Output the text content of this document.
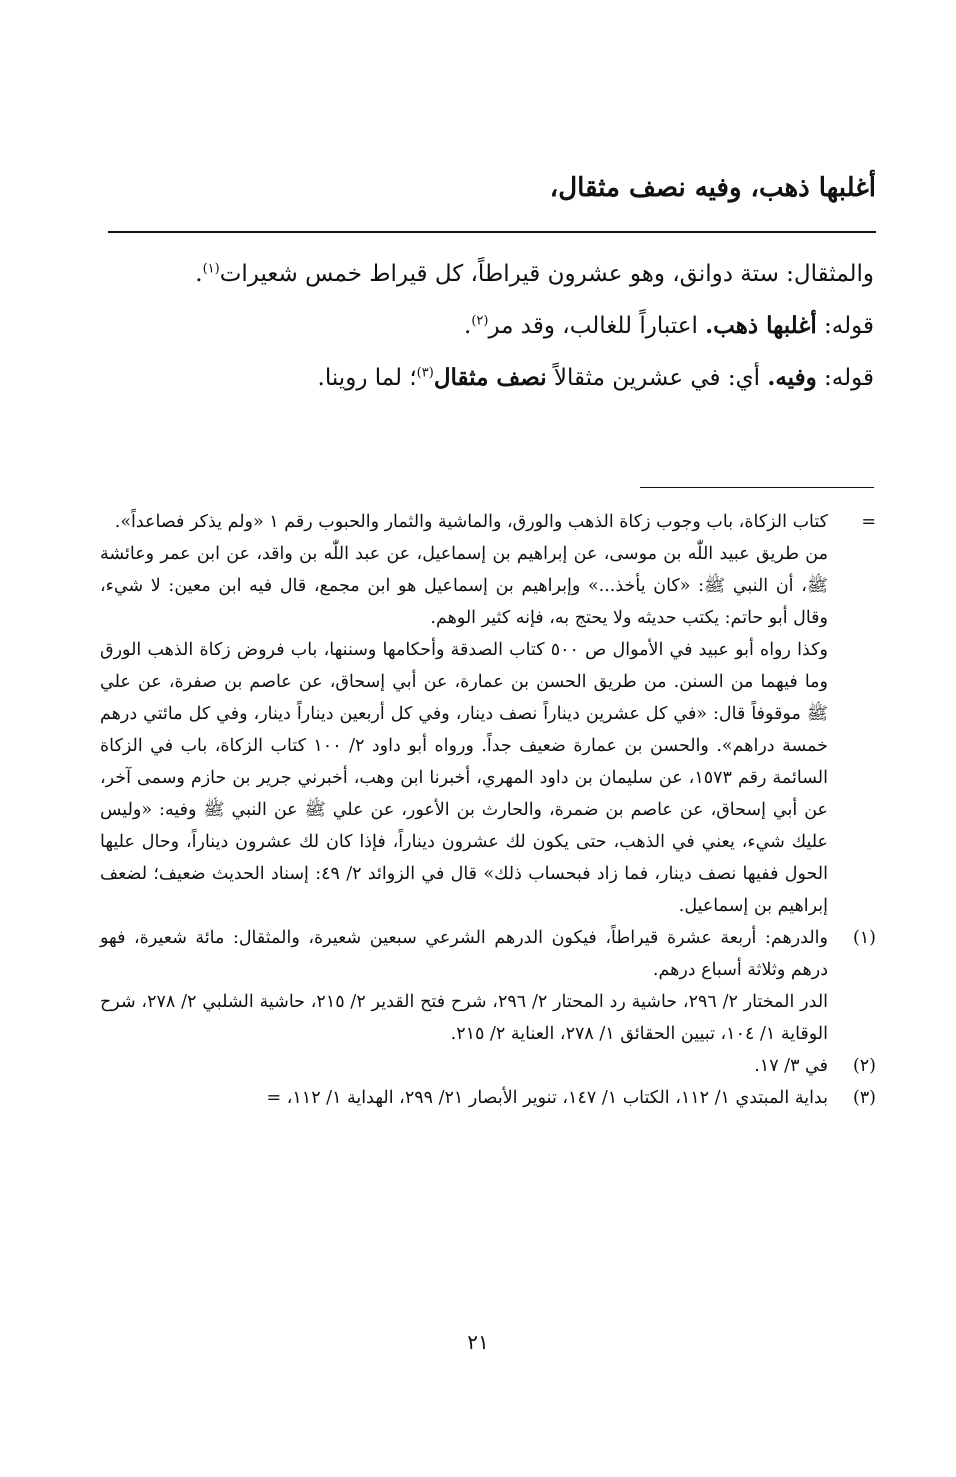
أغلبها ذهب، وفيه نصف مثقال،

والمثقال: ستة دوانق، وهو عشرون قيراطاً، كل قيراط خمس شعيرات$^{(١)}$.

قوله: أغلبها ذهب. اعتباراً للغالب، وقد مر$^{(٢)}$.

قوله: وفيه. أي: في عشرين مثقالاً نصف مثقال$^{(٣)}$؛ لما روينا.

=

كتاب الزكاة، باب وجوب زكاة الذهب والورق، والماشية والثمار والحبوب رقم ١ «ولم يذكر فصاعداً».

من طريق عبيد اللّٰه بن موسى، عن إبراهيم بن إسماعيل، عن عبد اللّٰه بن واقد، عن ابن عمر وعائشة ﷺ، أن النبي ﷺ: «كان يأخذ...» وإبراهيم بن إسماعيل هو ابن مجمع، قال فيه ابن معين: لا شيء، وقال أبو حاتم: يكتب حديثه ولا يحتج به، فإنه كثير الوهم.

وكذا رواه أبو عبيد في الأموال ص ٥٠٠ كتاب الصدقة وأحكامها وسننها، باب فروض زكاة الذهب الورق وما فيهما من السنن. من طريق الحسن بن عمارة، عن أبي إسحاق، عن عاصم بن صفرة، عن علي ﷺ موقوفاً قال: «في كل عشرين ديناراً نصف دينار، وفي كل أربعين ديناراً دينار، وفي كل مائتي درهم خمسة دراهم». والحسن بن عمارة ضعيف جداً. ورواه أبو داود ٢/ ١٠٠ كتاب الزكاة، باب في الزكاة السائمة رقم ١٥٧٣، عن سليمان بن داود المهري، أخبرنا ابن وهب، أخبرني جرير بن حازم وسمى آخر، عن أبي إسحاق، عن عاصم بن ضمرة، والحارث بن الأعور، عن علي ﷺ عن النبي ﷺ وفيه: «وليس عليك شيء، يعني في الذهب، حتى يكون لك عشرون ديناراً، فإذا كان لك عشرون ديناراً، وحال عليها الحول ففيها نصف دينار، فما زاد فبحساب ذلك» قال في الزوائد ٢/ ٤٩: إسناد الحديث ضعيف؛ لضعف إبراهيم بن إسماعيل.

(١)

والدرهم: أربعة عشرة قيراطاً، فيكون الدرهم الشرعي سبعين شعيرة، والمثقال: مائة شعيرة، فهو درهم وثلاثة أسباع درهم.

الدر المختار ٢/ ٢٩٦، حاشية رد المحتار ٢/ ٢٩٦، شرح فتح القدير ٢/ ٢١٥، حاشية الشلبي ٢/ ٢٧٨، شرح الوقاية ١/ ١٠٤، تبيين الحقائق ١/ ٢٧٨، العناية ٢/ ٢١٥.

(٢)

في ٣/ ١٧.

(٣)

بداية المبتدي ١/ ١١٢، الكتاب ١/ ١٤٧، تنوير الأبصار ٢١/ ٢٩٩، الهداية ١/ ١١٢، =

٢١
